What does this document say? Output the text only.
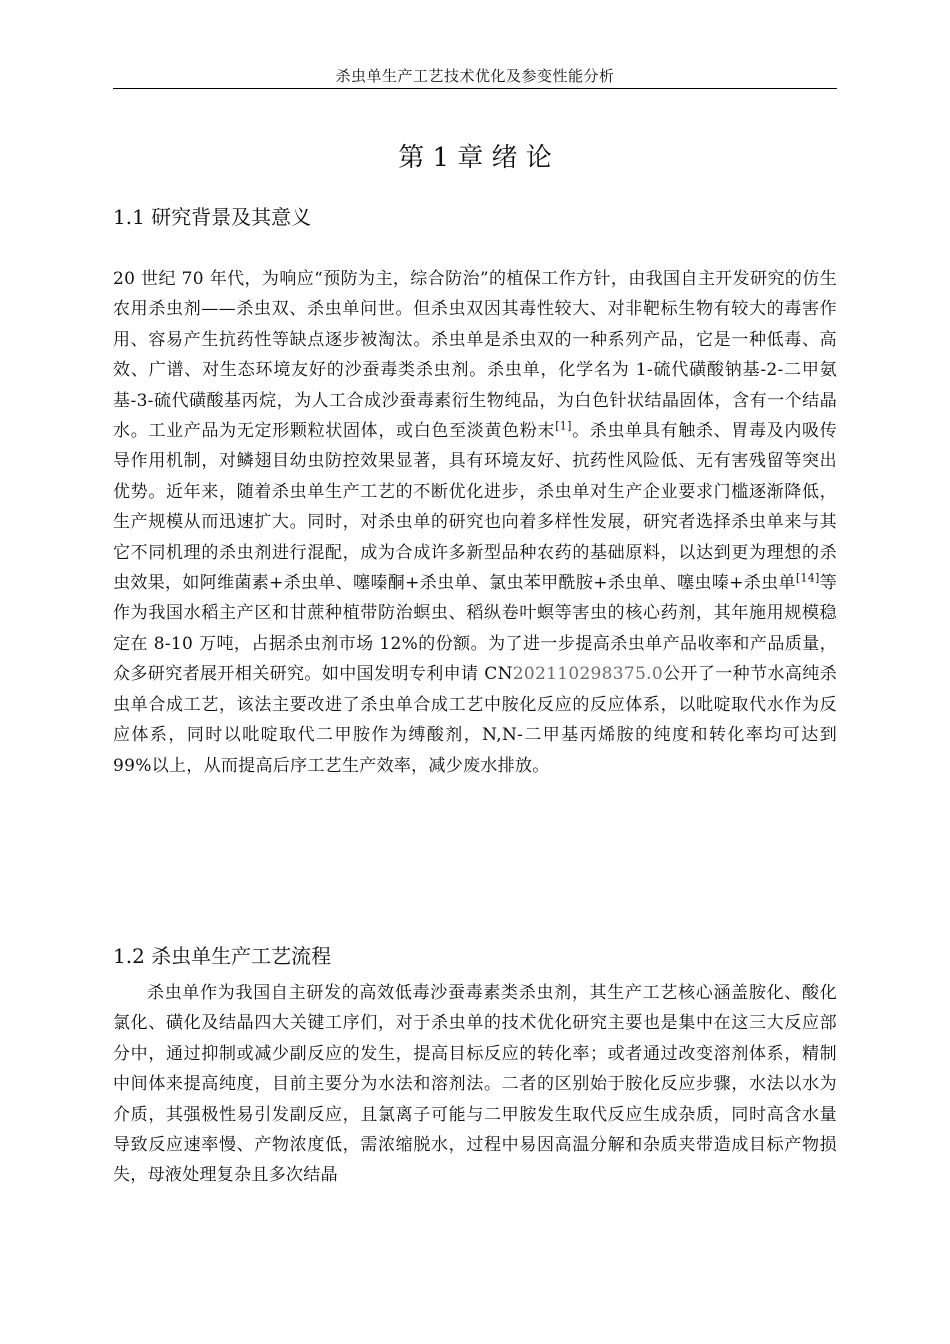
杀虫单生产工艺技术优化及参变性能分析
第 1 章 绪 论
1.1 研究背景及其意义

20 世纪 70 年代，为响应“预防为主，综合防治”的植保工作方针，由我国自主开发研究的仿生农用杀虫剂——杀虫双、杀虫单问世。但杀虫双因其毒性较大、对非靶标生物有较大的毒害作用、容易产生抗药性等缺点逐步被淘汰。杀虫单是杀虫双的一种系列产品，它是一种低毒、高效、广谱、对生态环境友好的沙蚕毒类杀虫剂。杀虫单，化学名为 1-硫代磺酸钠基-2-二甲氨基-3-硫代磺酸基丙烷，为人工合成沙蚕毒素衍生物纯品，为白色针状结晶固体，含有一个结晶水。工业产品为无定形颗粒状固体，或白色至淡黄色粉末[1]。杀虫单具有触杀、胃毒及内吸传导作用机制，对鳞翅目幼虫防控效果显著，具有环境友好、抗药性风险低、无有害残留等突出优势。近年来，随着杀虫单生产工艺的不断优化进步，杀虫单对生产企业要求门槛逐渐降低，生产规模从而迅速扩大。同时，对杀虫单的研究也向着多样性发展，研究者选择杀虫单来与其它不同机理的杀虫剂进行混配，成为合成许多新型品种农药的基础原料，以达到更为理想的杀虫效果，如阿维菌素+杀虫单、噻嗪酮+杀虫单、氯虫苯甲酰胺+杀虫单、噻虫嗪+杀虫单[14]等作为我国水稻主产区和甘蔗种植带防治螟虫、稻纵卷叶螟等害虫的核心药剂，其年施用规模稳定在 8-10 万吨，占据杀虫剂市场 12%的份额。为了进一步提高杀虫单产品收率和产品质量，众多研究者展开相关研究。如中国发明专利申请 CN202110298375.0公开了一种节水高纯杀虫单合成工艺，该法主要改进了杀虫单合成工艺中胺化反应的反应体系，以吡啶取代水作为反应体系，同时以吡啶取代二甲胺作为缚酸剂，N,N-二甲基丙烯胺的纯度和转化率均可达到 99%以上，从而提高后序工艺生产效率，减少废水排放。

1.2 杀虫单生产工艺流程

杀虫单作为我国自主研发的高效低毒沙蚕毒素类杀虫剂，其生产工艺核心涵盖胺化、酸化氯化、磺化及结晶四大关键工序们，对于杀虫单的技术优化研究主要也是集中在这三大反应部分中，通过抑制或减少副反应的发生，提高目标反应的转化率；或者通过改变溶剂体系，精制中间体来提高纯度，目前主要分为水法和溶剂法。二者的区别始于胺化反应步骤，水法以水为介质，其强极性易引发副反应，且氯离子可能与二甲胺发生取代反应生成杂质，同时高含水量导致反应速率慢、产物浓度低，需浓缩脱水，过程中易因高温分解和杂质夹带造成目标产物损失，母液处理复杂且多次结晶
